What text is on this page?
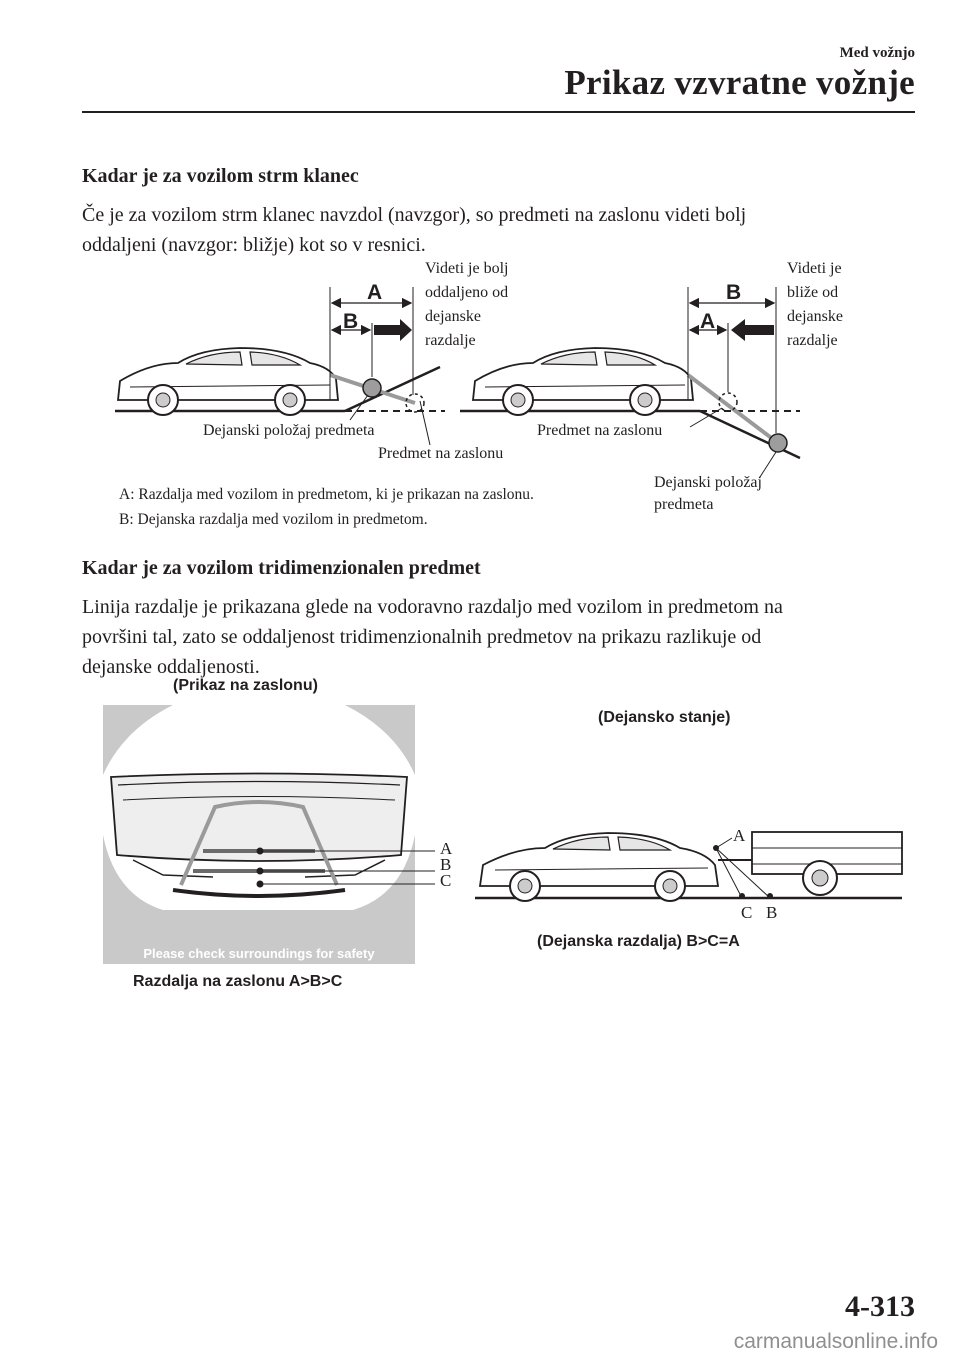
Med vožnjo
Prikaz vzvratne vožnje
Kadar je za vozilom strm klanec
Če je za vozilom strm klanec navzdol (navzgor), so predmeti na zaslonu videti bolj
oddaljeni (navzgor: bližje) kot so v resnici.
A
B
B
A
Videti je bolj
oddaljeno od
dejanske
razdalje
Videti je
bliže od
dejanske
razdalje
Dejanski položaj predmeta
Predmet na zaslonu
Predmet na zaslonu
Dejanski položaj
predmeta
A: Razdalja med vozilom in predmetom, ki je prikazan na zaslonu.
B: Dejanska razdalja med vozilom in predmetom.
Kadar je za vozilom tridimenzionalen predmet
Linija razdalje je prikazana glede na vodoravno razdaljo med vozilom in predmetom na
površini tal, zato se oddaljenost tridimenzionalnih predmetov na prikazu razlikuje od
dejanske oddaljenosti.
(Prikaz na zaslonu)
(Dejansko stanje)
Please check surroundings for safety
A
B
C
A
C B
Razdalja na zaslonu A>B>C
(Dejanska razdalja) B>C=A
4-313
carmanualsonline.info
